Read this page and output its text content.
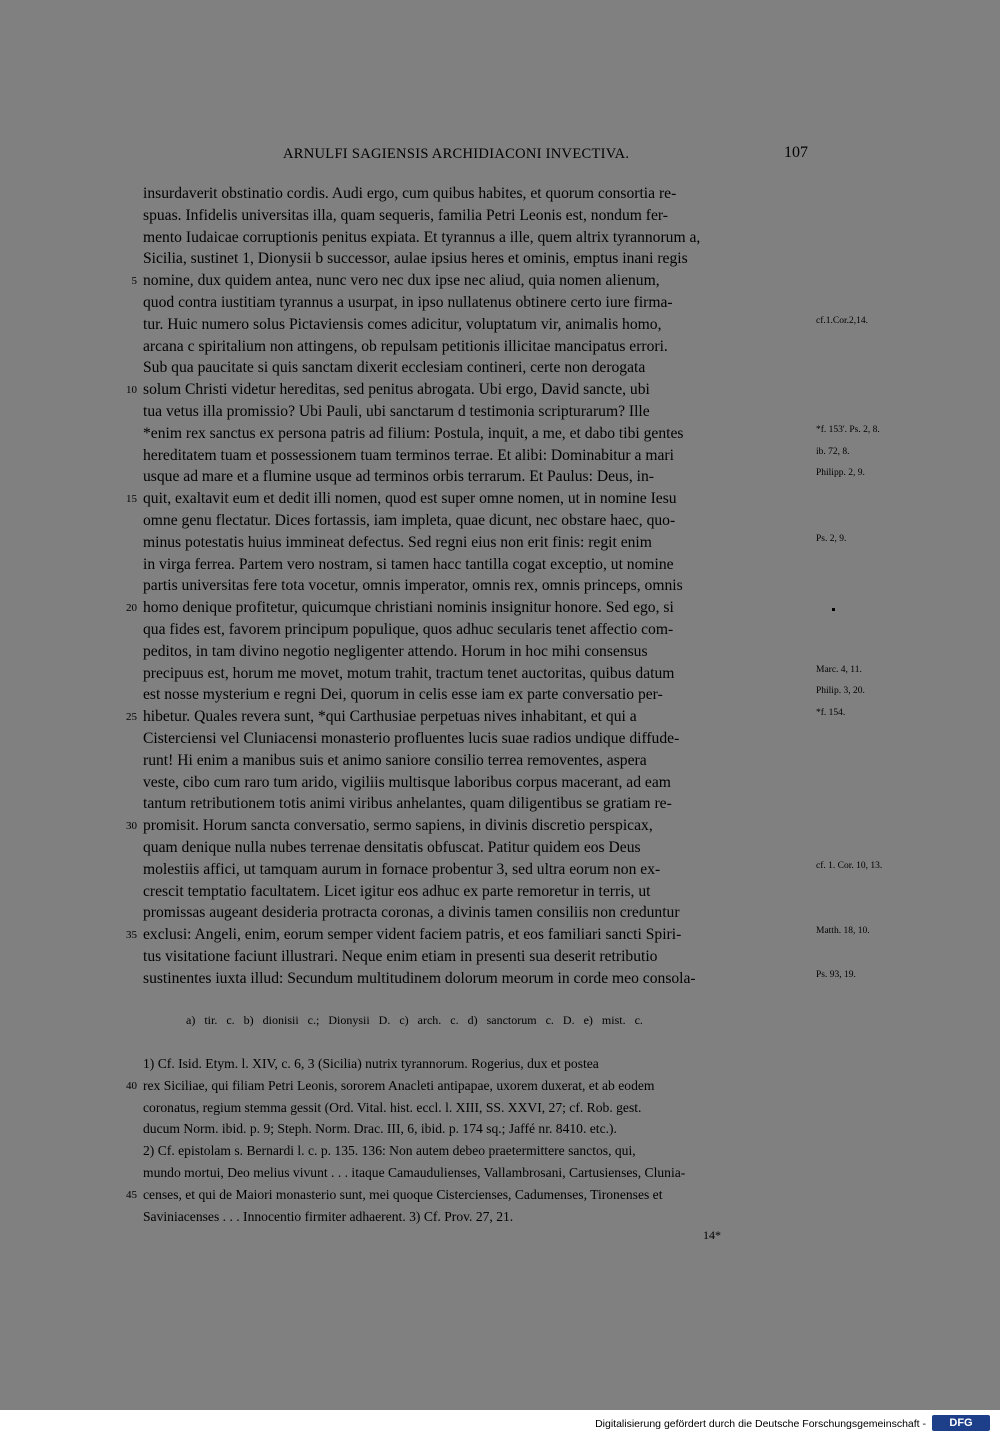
ARNULFI SAGIENSIS ARCHIDIACONI INVECTIVA.	107
insurdaverit obstinatio cordis. Audi ergo, cum quibus habites, et quorum consortia re-
spuas. Infidelis universitas illa, quam sequeris, familia Petri Leonis est, nondum fer-
mento Iudaicae corruptionis penitus expiata. Et tyrannus a ille, quem altrix tyrannorum a,
Sicilia, sustinet 1, Dionysii b successor, aulae ipsius heres et ominis, emptus inani regis
nomine, dux quidem antea, nunc vero nec dux ipse nec aliud, quia nomen alienum,
5
quod contra iustitiam tyrannus a usurpat, in ipso nullatenus obtinere certo iure firma-
tur. Huic numero solus Pictaviensis comes adicitur, voluptatum vir, animalis homo,	cf.1.Cor.2,14.
arcana c spiritalium non attingens, ob repulsam petitionis illicitae mancipatus errori.
Sub qua paucitate si quis sanctam dixerit ecclesiam contineri, certe non derogata
solum Christi videtur hereditas, sed penitus abrogata. Ubi ergo, David sancte, ubi
10
tua vetus illa promissio? Ubi Pauli, ubi sanctarum d testimonia scripturarum? Ille
*enim rex sanctus ex persona patris ad filium: Postula, inquit, a me, et dabo tibi gentes	*f. 153'. Ps. 2, 8.
hereditatem tuam et possessionem tuam terminos terrae. Et alibi: Dominabitur a mari	ib. 72, 8.
usque ad mare et a flumine usque ad terminos orbis terrarum. Et Paulus: Deus, in-	Philipp. 2, 9.
quit, exaltavit eum et dedit illi nomen, quod est super omne nomen, ut in nomine Iesu
15
omne genu flectatur. Dices fortassis, iam impleta, quae dicunt, nec obstare haec, quo-
minus potestatis huius immineat defectus. Sed regni eius non erit finis: regit enim	Ps. 2, 9.
in virga ferrea. Partem vero nostram, si tamen hacc tantilla cogat exceptio, ut nomine
partis universitas fere tota vocetur, omnis imperator, omnis rex, omnis princeps, omnis
homo denique profitetur, quicumque christiani nominis insignitur honore. Sed ego, si
20
qua fides est, favorem principum populique, quos adhuc secularis tenet affectio com-
peditos, in tam divino negotio negligenter attendo. Horum in hoc mihi consensus
precipuus est, horum me movet, motum trahit, tractum tenet auctoritas, quibus datum	Marc. 4, 11.
est nosse mysterium e regni Dei, quorum in celis esse iam ex parte conversatio per-	Philip. 3, 20.
hibetur. Quales revera sunt, *qui Carthusiae perpetuas nives inhabitant, et qui a
25	*f. 154.
Cisterciensi vel Cluniacensi monasterio profluentes lucis suae radios undique diffude-
runt! Hi enim a manibus suis et animo saniore consilio terrea removentes, aspera
veste, cibo cum raro tum arido, vigiliis multisque laboribus corpus macerant, ad eam
tantum retributionem totis animi viribus anhelantes, quam diligentibus se gratiam re-
promisit. Horum sancta conversatio, sermo sapiens, in divinis discretio perspicax,
30
quam denique nulla nubes terrenae densitatis obfuscat. Patitur quidem eos Deus
molestiis affici, ut tamquam aurum in fornace probentur 3, sed ultra eorum non ex-	cf. 1. Cor. 10, 13.
crescit temptatio facultatem. Licet igitur eos adhuc ex parte remoretur in terris, ut
promissas augeant desideria protracta coronas, a divinis tamen consiliis non creduntur
exclusi: Angeli, enim, eorum semper vident faciem patris, et eos familiari sancti Spiri-
35	Matth. 18, 10.
tus visitatione faciunt illustrari. Neque enim etiam in presenti sua deserit retributio
sustinentes iuxta illud: Secundum multitudinem dolorum meorum in corde meo consola-	Ps. 93, 19.
a) tir. c. b) dionisii c.; Dionysii D. c) arch. c. d) sanctorum c. D. e) mist. c.
1) Cf. Isid. Etym. l. XIV, c. 6, 3 (Sicilia) nutrix tyrannorum. Rogerius, dux et postea
rex Siciliae, qui filiam Petri Leonis, sororem Anacleti antipapae, uxorem duxerat, et ab eodem
40
coronatus, regium stemma gessit (Ord. Vital. hist. eccl. l. XIII, SS. XXVI, 27; cf. Rob. gest.
ducum Norm. ibid. p. 9; Steph. Norm. Drac. III, 6, ibid. p. 174 sq.; Jaffé nr. 8410. etc.).
2) Cf. epistolam s. Bernardi l. c. p. 135. 136: Non autem debeo praetermittere sanctos, qui,
mundo mortui, Deo melius vivunt . . . itaque Camaudulienses, Vallambrosani, Cartusienses, Clunia-
censes, et qui de Maiori monasterio sunt, mei quoque Cistercienses, Cadumenses, Tironenses et
45
Saviniacenses . . . Innocentio firmiter adhaerent. 3) Cf. Prov. 27, 21.
14*
Digitalisierung gefördert durch die Deutsche Forschungsgemeinschaft -	DFG
